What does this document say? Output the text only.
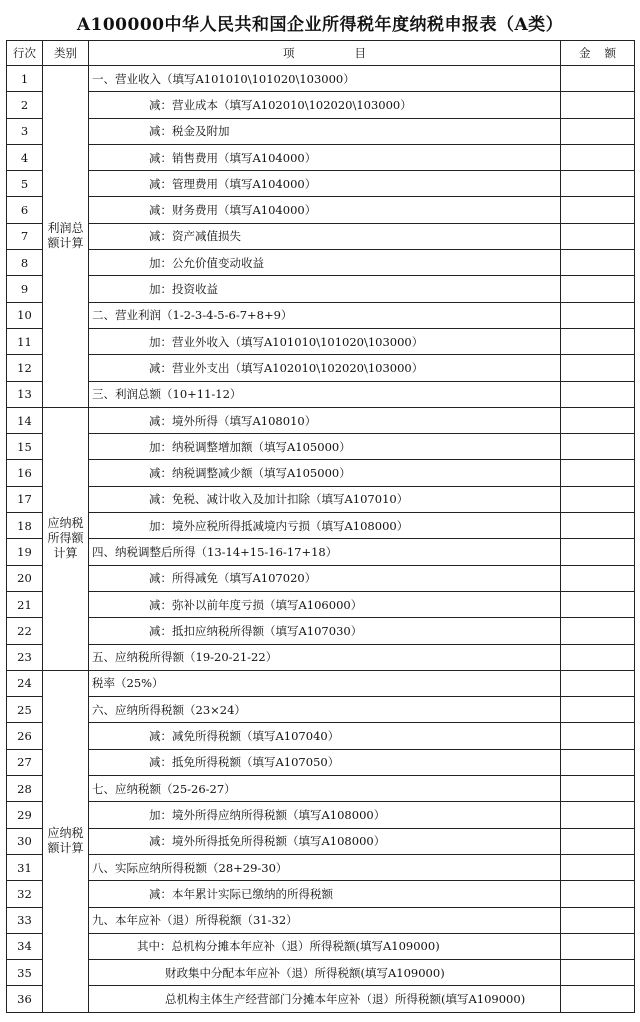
A100000中华人民共和国企业所得税年度纳税申报表（A类）
行次	类别	项目	金额
1	利润总额计算	一、营业收入（填写A101010\101020\103000）	
2		减：营业成本（填写A102010\102020\103000）	
3		减：税金及附加	
4		减：销售费用（填写A104000）	
5		减：管理费用（填写A104000）	
6		减：财务费用（填写A104000）	
7		减：资产减值损失	
8		加：公允价值变动收益	
9		加：投资收益	
10		二、营业利润（1-2-3-4-5-6-7+8+9）	
11		加：营业外收入（填写A101010\101020\103000）	
12		减：营业外支出（填写A102010\102020\103000）	
13		三、利润总额（10+11-12）	
14	应纳税所得额计算	减：境外所得（填写A108010）	
15		加：纳税调整增加额（填写A105000）	
16		减：纳税调整减少额（填写A105000）	
17		减：免税、减计收入及加计扣除（填写A107010）	
18		加：境外应税所得抵减境内亏损（填写A108000）	
19		四、纳税调整后所得（13-14+15-16-17+18）	
20		减：所得减免（填写A107020）	
21		减：弥补以前年度亏损（填写A106000）	
22		减：抵扣应纳税所得额（填写A107030）	
23		五、应纳税所得额（19-20-21-22）	
24	应纳税额计算	税率（25%）	
25		六、应纳所得税额（23×24）	
26		减：减免所得税额（填写A107040）	
27		减：抵免所得税额（填写A107050）	
28		七、应纳税额（25-26-27）	
29		加：境外所得应纳所得税额（填写A108000）	
30		减：境外所得抵免所得税额（填写A108000）	
31		八、实际应纳所得税额（28+29-30）	
32		减：本年累计实际已缴纳的所得税额	
33		九、本年应补（退）所得税额（31-32）	
34		其中：总机构分摊本年应补（退）所得税额(填写A109000)	
35		财政集中分配本年应补（退）所得税额(填写A109000)	
36		总机构主体生产经营部门分摊本年应补（退）所得税额(填写A109000)	
